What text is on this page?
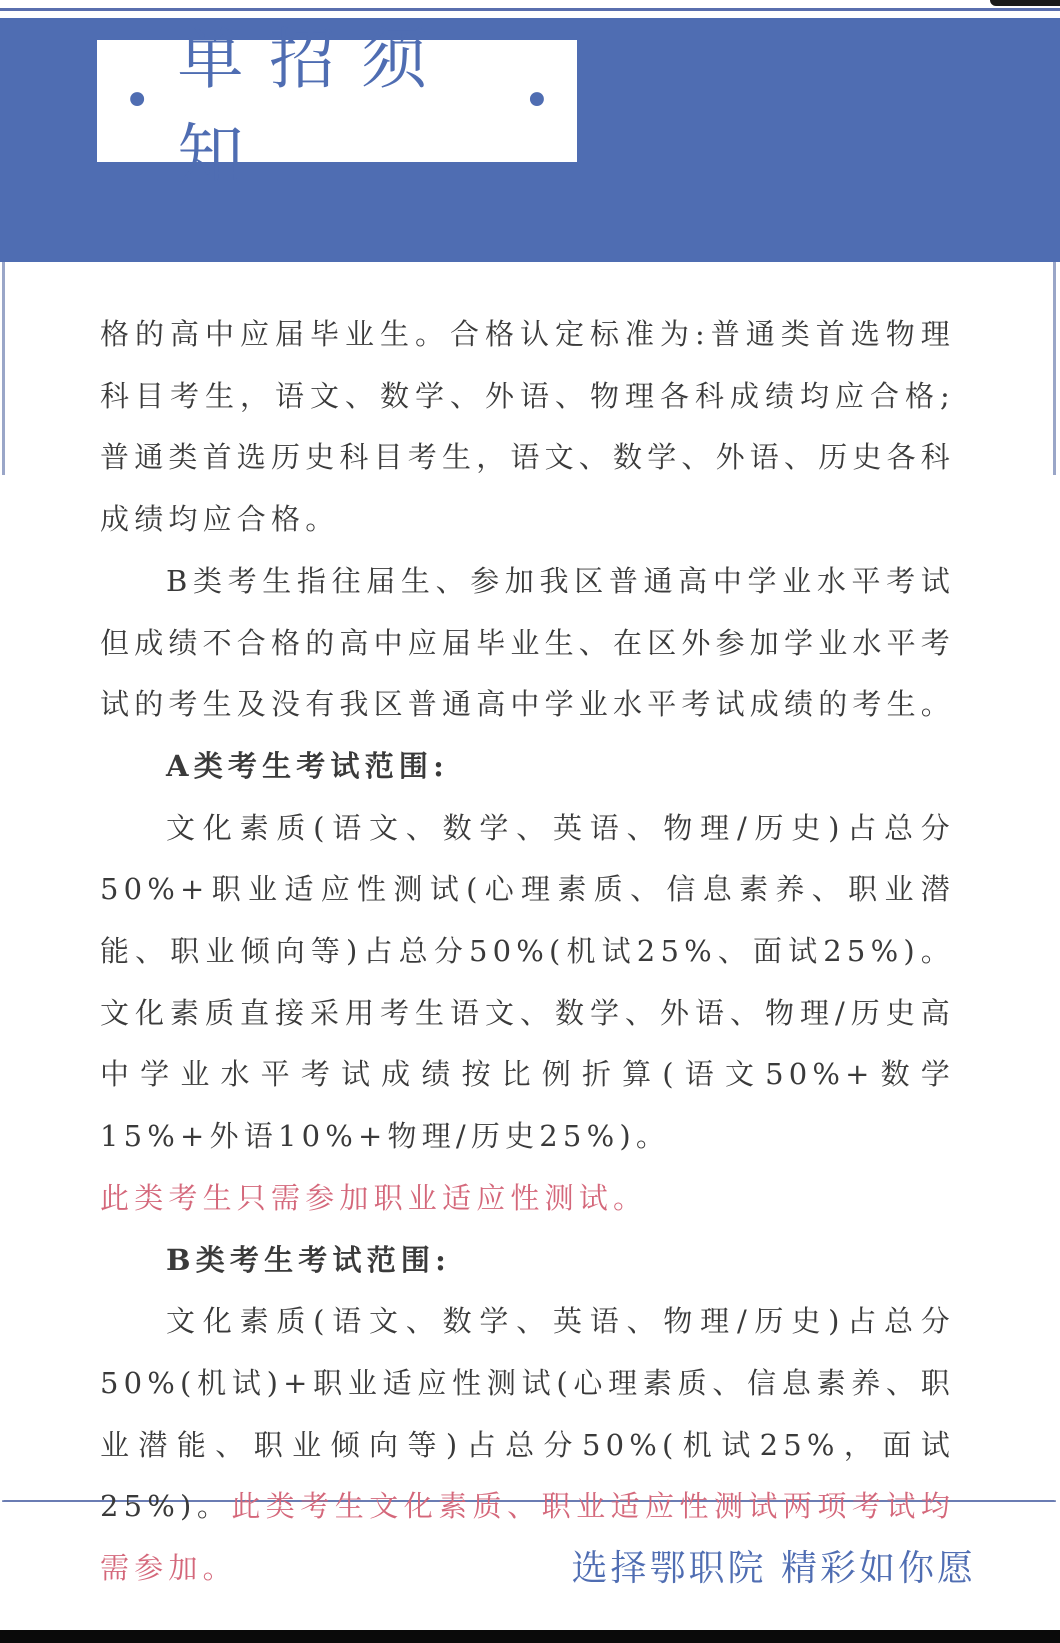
•
单招须知
•

格的高中应届毕业生。合格认定标准为:普通类首选物理科目考生，语文、数学、外语、物理各科成绩均应合格;普通类首选历史科目考生，语文、数学、外语、历史各科成绩均应合格。

B类考生指往届生、参加我区普通高中学业水平考试但成绩不合格的高中应届毕业生、在区外参加学业水平考试的考生及没有我区普通高中学业水平考试成绩的考生。

A类考生考试范围:

文化素质(语文、数学、英语、物理/历史)占总分50%+职业适应性测试(心理素质、信息素养、职业潜能、职业倾向等)占总分50%(机试25%、面试25%)。文化素质直接采用考生语文、数学、外语、物理/历史高中学业水平考试成绩按比例折算(语文50%+数学15%+外语10%+物理/历史25%)。

此类考生只需参加职业适应性测试。

B类考生考试范围:

文化素质(语文、数学、英语、物理/历史)占总分50%(机试)+职业适应性测试(心理素质、信息素养、职业潜能、职业倾向等)占总分50%(机试25%，面试25%)。此类考生文化素质、职业适应性测试两项考试均需参加。	选择鄂职院 精彩如你愿
